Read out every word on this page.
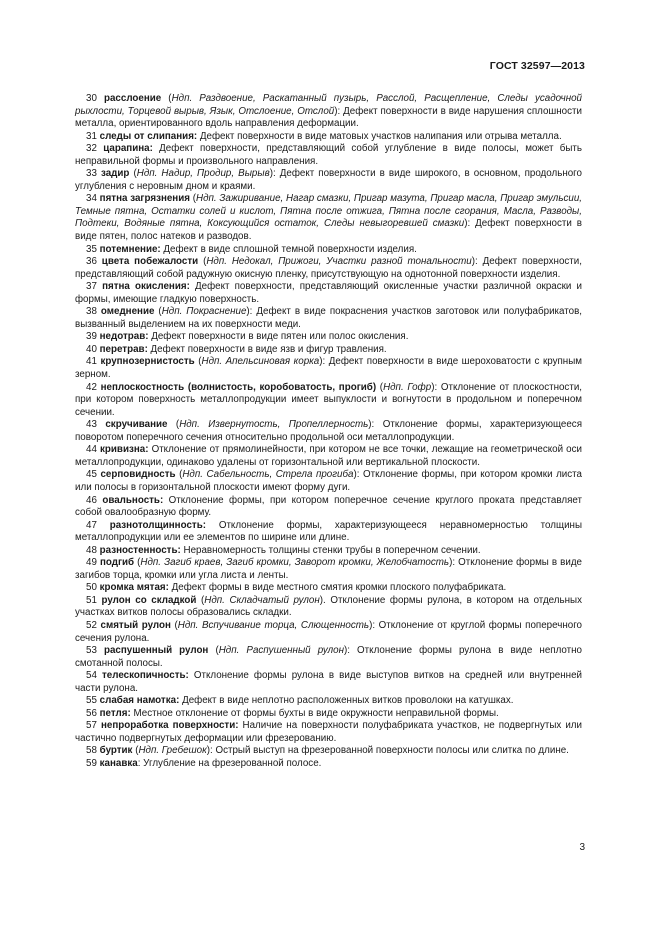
ГОСТ 32597—2013

30 расслоение (Ндп. Раздвоение, Раскатанный пузырь, Расслой, Расщепление, Следы усадочной рыхлости, Торцевой вырыв, Язык, Отслоение, Отслой): Дефект поверхности в виде нарушения сплошности металла, ориентированного вдоль направления деформации.

31 следы от слипания: Дефект поверхности в виде матовых участков налипания или отрыва металла.

32 царапина: Дефект поверхности, представляющий собой углубление в виде полосы, может быть неправильной формы и произвольного направления.

33 задир (Ндп. Надир, Продир, Вырыв): Дефект поверхности в виде широкого, в основном, продольного углубления с неровным дном и краями.

34 пятна загрязнения (Ндп. Зажиривание, Нагар смазки, Пригар мазута, Пригар масла, Пригар эмульсии, Темные пятна, Остатки солей и кислот, Пятна после отжига, Пятна после сгорания, Масла, Разводы, Подтеки, Водяные пятна, Коксующийся остаток, Следы невыгоревшей смазки): Дефект поверхности в виде пятен, полос натеков и разводов.

35 потемнение: Дефект в виде сплошной темной поверхности изделия.

36 цвета побежалости (Ндп. Недокал, Прижоги, Участки разной тональности): Дефект поверхности, представляющий собой радужную окисную пленку, присутствующую на однотонной поверхности изделия.

37 пятна окисления: Дефект поверхности, представляющий окисленные участки различной окраски и формы, имеющие гладкую поверхность.

38 омеднение (Ндп. Покраснение): Дефект в виде покраснения участков заготовок или полуфабрикатов, вызванный выделением на их поверхности меди.

39 недотрав: Дефект поверхности в виде пятен или полос окисления.

40 перетрав: Дефект поверхности в виде язв и фигур травления.

41 крупнозернистость (Ндп. Апельсиновая корка): Дефект поверхности в виде шероховатости с крупным зерном.

42 неплоскостность (волнистость, коробоватость, прогиб) (Ндп. Гофр): Отклонение от плоскостности, при котором поверхность металлопродукции имеет выпуклости и вогнутости в продольном и поперечном сечении.

43 скручивание (Ндп. Извернутость, Пропеллерность): Отклонение формы, характеризующееся поворотом поперечного сечения относительно продольной оси металлопродукции.

44 кривизна: Отклонение от прямолинейности, при котором не все точки, лежащие на геометрической оси металлопродукции, одинаково удалены от горизонтальной или вертикальной плоскости.

45 серповидность (Ндп. Сабельность, Стрела прогиба): Отклонение формы, при котором кромки листа или полосы в горизонтальной плоскости имеют форму дуги.

46 овальность: Отклонение формы, при котором поперечное сечение круглого проката представляет собой овалообразную форму.

47 разнотолщинность: Отклонение формы, характеризующееся неравномерностью толщины металлопродукции или ее элементов по ширине или длине.

48 разностенность: Неравномерность толщины стенки трубы в поперечном сечении.

49 подгиб (Ндп. Загиб краев, Загиб кромки, Заворот кромки, Желобчатость): Отклонение формы в виде загибов торца, кромки или угла листа и ленты.

50 кромка мятая: Дефект формы в виде местного смятия кромки плоского полуфабриката.

51 рулон со складкой (Ндп. Складчатый рулон). Отклонение формы рулона, в котором на отдельных участках витков полосы образовались складки.

52 смятый рулон (Ндп. Вспучивание торца, Слющенность): Отклонение от круглой формы поперечного сечения рулона.

53 распушенный рулон (Ндп. Распушенный рулон): Отклонение формы рулона в виде неплотно смотанной полосы.

54 телескопичность: Отклонение формы рулона в виде выступов витков на средней или внутренней части рулона.

55 слабая намотка: Дефект в виде неплотно расположенных витков проволоки на катушках.

56 петля: Местное отклонение от формы бухты в виде окружности неправильной формы.

57 непроработка поверхности: Наличие на поверхности полуфабриката участков, не подвергнутых или частично подвергнутых деформации или фрезерованию.

58 буртик (Ндп. Гребешок): Острый выступ на фрезерованной поверхности полосы или слитка по длине.

59 канавка: Углубление на фрезерованной полосе.

3
